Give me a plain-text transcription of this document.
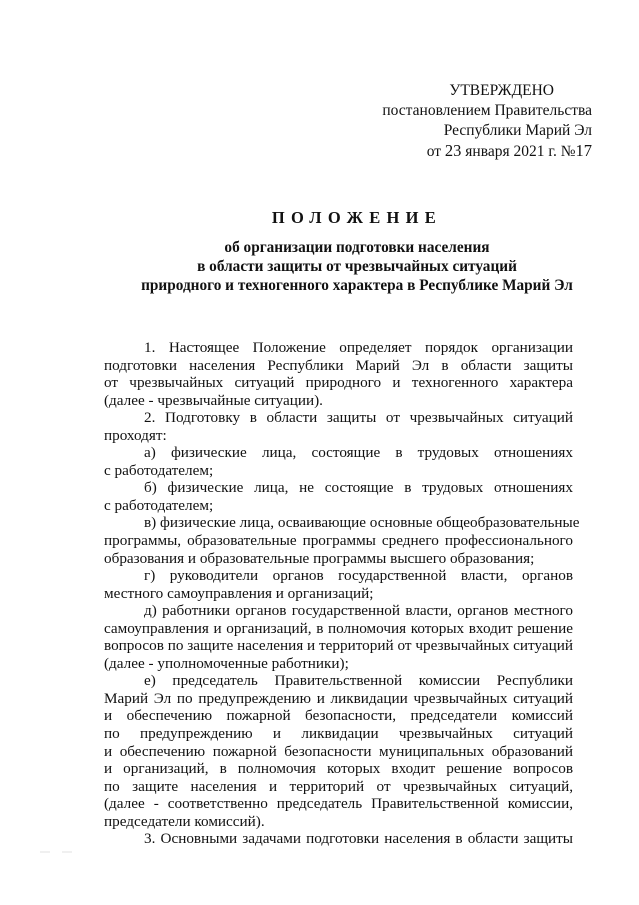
УТВЕРЖДЕНО
постановлением Правительства
Республики Марий Эл
от 23 января 2021 г. №17
ПОЛОЖЕНИЕ
об организации подготовки населения
в области защиты от чрезвычайных ситуаций
природного и техногенного характера в Республике Марий Эл
1. Настоящее Положение определяет порядок организации
подготовки населения Республики Марий Эл в области защиты
от чрезвычайных ситуаций природного и техногенного характера
(далее - чрезвычайные ситуации).
2. Подготовку в области защиты от чрезвычайных ситуаций
проходят:
а) физические лица, состоящие в трудовых отношениях
с работодателем;
б) физические лица, не состоящие в трудовых отношениях
с работодателем;
в) физические лица, осваивающие основные общеобразовательные
программы, образовательные программы среднего профессионального
образования и образовательные программы высшего образования;
г) руководители органов государственной власти, органов
местного самоуправления и организаций;
д) работники органов государственной власти, органов местного
самоуправления и организаций, в полномочия которых входит решение
вопросов по защите населения и территорий от чрезвычайных ситуаций
(далее - уполномоченные работники);
е) председатель Правительственной комиссии Республики
Марий Эл по предупреждению и ликвидации чрезвычайных ситуаций
и обеспечению пожарной безопасности, председатели комиссий
по предупреждению и ликвидации чрезвычайных ситуаций
и обеспечению пожарной безопасности муниципальных образований
и организаций, в полномочия которых входит решение вопросов
по защите населения и территорий от чрезвычайных ситуаций,
(далее - соответственно председатель Правительственной комиссии,
председатели комиссий).
3. Основными задачами подготовки населения в области защиты
